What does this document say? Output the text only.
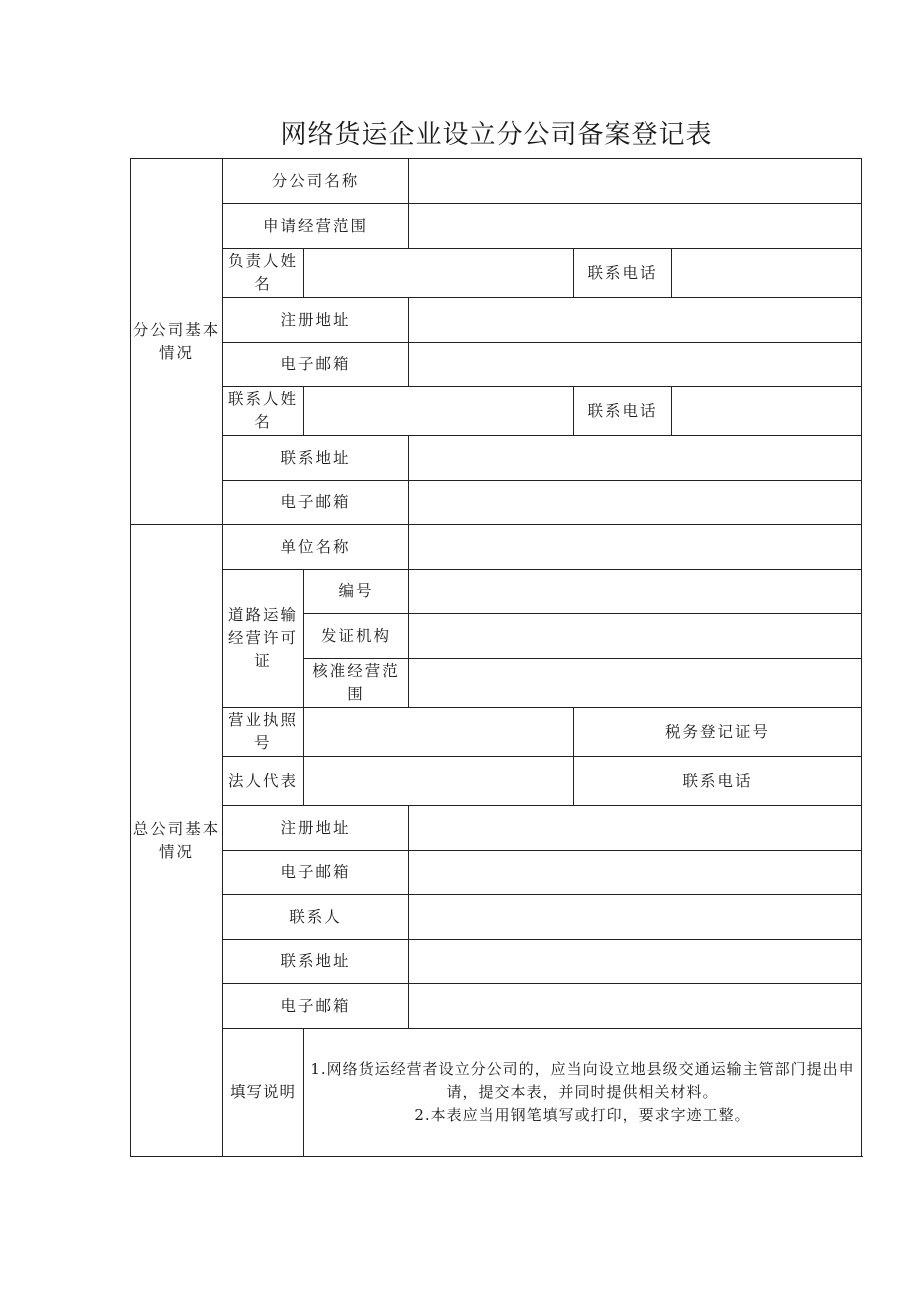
网络货运企业设立分公司备案登记表
分公司基本情况	分公司名称					
	申请经营范围					
	负责人姓名			联系电话		
	注册地址					
	电子邮箱					
	联系人姓名			联系电话		
	联系地址					
	电子邮箱					
总公司基本情况	单位名称					
	道路运输经营许可证	编号				
		发证机构				
		核准经营范围				
	营业执照号			税务登记证号		
	法人代表			联系电话		
	注册地址					
	电子邮箱					
	联系人					
	联系地址					
	电子邮箱					
	填写说明	1.网络货运经营者设立分公司的，应当向设立地县级交通运输主管部门提出申请，提交本表，并同时提供相关材料。
2.本表应当用钢笔填写或打印，要求字迹工整。				
